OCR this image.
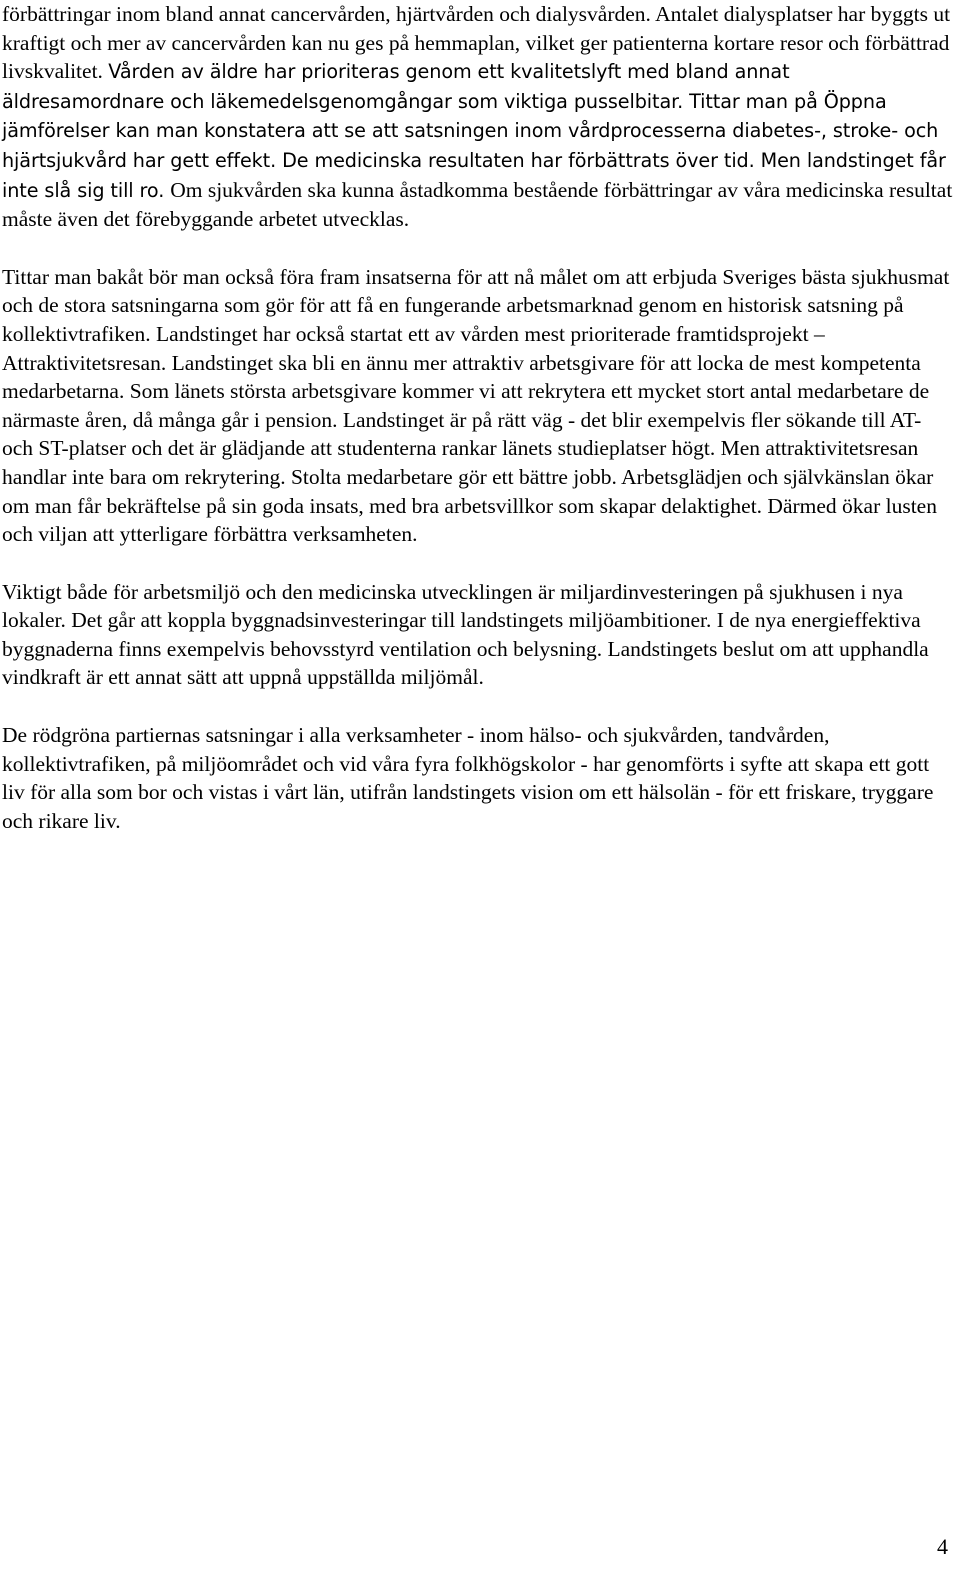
förbättringar inom bland annat cancervården, hjärtvården och dialysvården. Antalet dialysplatser har byggts ut kraftigt och mer av cancervården kan nu ges på hemmaplan, vilket ger patienterna kortare resor och förbättrad livskvalitet. Vården av äldre har prioriteras genom ett kvalitetslyft med bland annat äldresamordnare och läkemedelsgenomgångar som viktiga pusselbitar. Tittar man på Öppna jämförelser kan man konstatera att se att satsningen inom vårdprocesserna diabetes-, stroke- och hjärtsjukvård har gett effekt. De medicinska resultaten har förbättrats över tid. Men landstinget får inte slå sig till ro. Om sjukvården ska kunna åstadkomma bestående förbättringar av våra medicinska resultat måste även det förebyggande arbetet utvecklas.

Tittar man bakåt bör man också föra fram insatserna för att nå målet om att erbjuda Sveriges bästa sjukhusmat och de stora satsningarna som gör för att få en fungerande arbetsmarknad genom en historisk satsning på kollektivtrafiken. Landstinget har också startat ett av vården mest prioriterade framtidsprojekt – Attraktivitetsresan. Landstinget ska bli en ännu mer attraktiv arbetsgivare för att locka de mest kompetenta medarbetarna. Som länets största arbetsgivare kommer vi att rekrytera ett mycket stort antal medarbetare de närmaste åren, då många går i pension. Landstinget är på rätt väg - det blir exempelvis fler sökande till AT- och ST-platser och det är glädjande att studenterna rankar länets studieplatser högt. Men attraktivitetsresan handlar inte bara om rekrytering. Stolta medarbetare gör ett bättre jobb. Arbetsglädjen och självkänslan ökar om man får bekräftelse på sin goda insats, med bra arbetsvillkor som skapar delaktighet. Därmed ökar lusten och viljan att ytterligare förbättra verksamheten.

Viktigt både för arbetsmiljö och den medicinska utvecklingen är miljardinvesteringen på sjukhusen i nya lokaler. Det går att koppla byggnadsinvesteringar till landstingets miljöambitioner. I de nya energieffektiva byggnaderna finns exempelvis behovsstyrd ventilation och belysning. Landstingets beslut om att upphandla vindkraft är ett annat sätt att uppnå uppställda miljömål.

De rödgröna partiernas satsningar i alla verksamheter - inom hälso- och sjukvården, tandvården, kollektivtrafiken, på miljöområdet och vid våra fyra folkhögskolor - har genomförts i syfte att skapa ett gott liv för alla som bor och vistas i vårt län, utifrån landstingets vision om ett hälsolän - för ett friskare, tryggare och rikare liv.

4
